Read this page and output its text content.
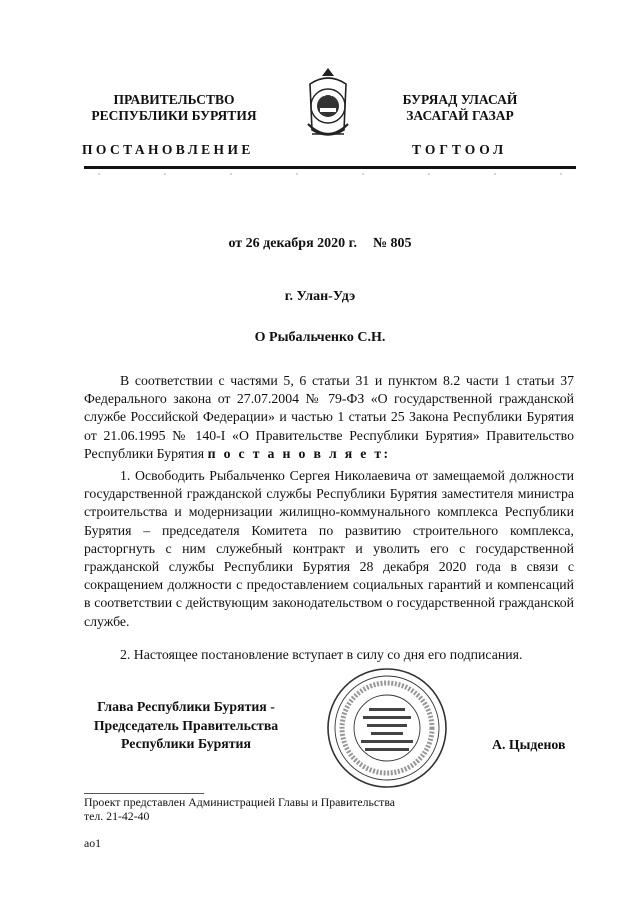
ПРАВИТЕЛЬСТВО
РЕСПУБЛИКИ БУРЯТИЯ
БУРЯАД УЛАСАЙ
ЗАСАГАЙ ГАЗАР
ПОСТАНОВЛЕНИЕ	ТОГТООЛ
от 26 декабря 2020 г. № 805
г. Улан-Удэ
О Рыбальченко С.Н.
В соответствии с частями 5, 6 статьи 31 и пунктом 8.2 части 1 статьи 37 Федерального закона от 27.07.2004 № 79-ФЗ «О государственной гражданской службе Российской Федерации» и частью 1 статьи 25 Закона Республики Бурятия от 21.06.1995 № 140-I «О Правительстве Республики Бурятия» Правительство Республики Бурятия п о с т а н о в л я е т:
1. Освободить Рыбальченко Сергея Николаевича от замещаемой должности государственной гражданской службы Республики Бурятия заместителя министра строительства и модернизации жилищно-коммунального комплекса Республики Бурятия – председателя Комитета по развитию строительного комплекса, расторгнуть с ним служебный контракт и уволить его с государственной гражданской службы Республики Бурятия 28 декабря 2020 года в связи с сокращением должности с предоставлением социальных гарантий и компенсаций в соответствии с действующим законодательством о государственной гражданской службе.
2. Настоящее постановление вступает в силу со дня его подписания.
Глава Республики Бурятия -
Председатель Правительства
Республики Бурятия	А. Цыденов
Проект представлен Администрацией Главы и Правительства
тел. 21-42-40
ao1
